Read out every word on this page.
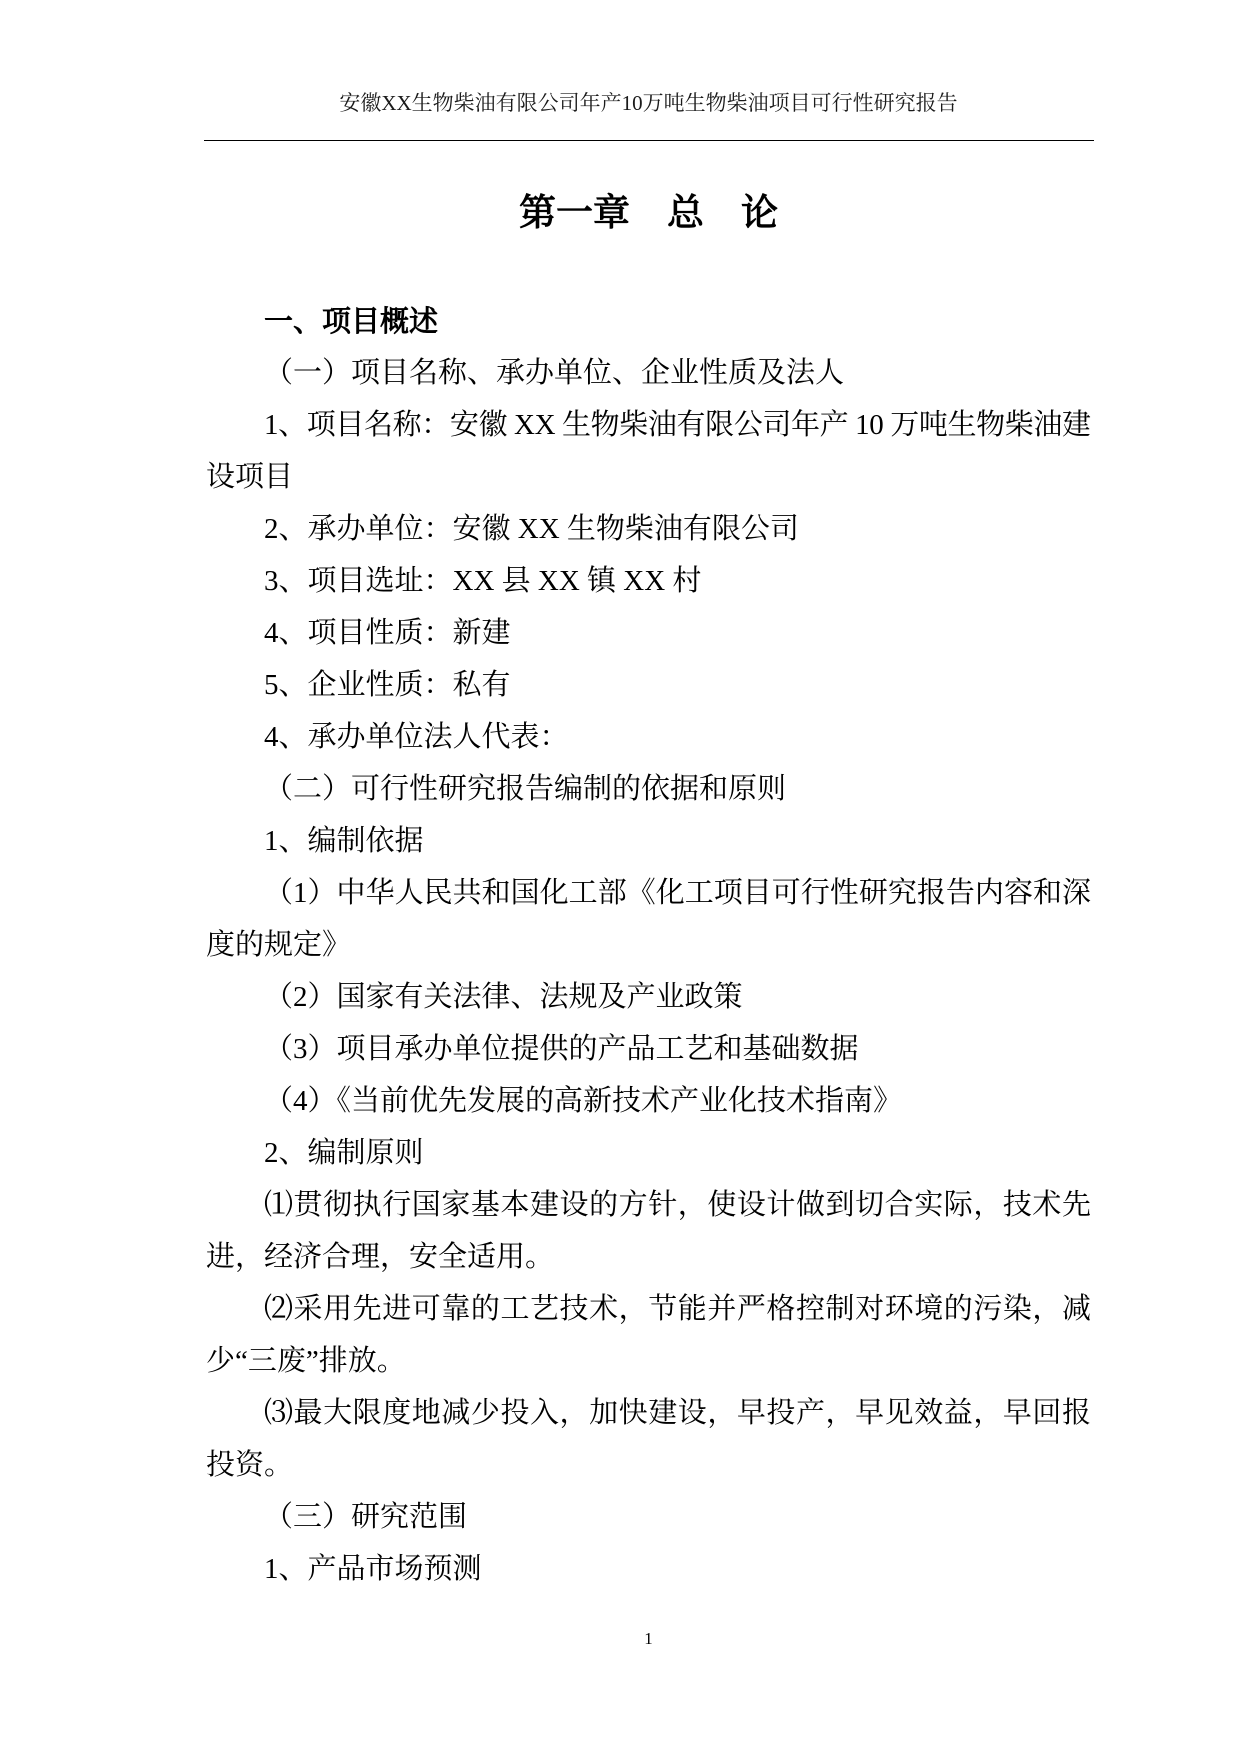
安徽XX生物柴油有限公司年产10万吨生物柴油项目可行性研究报告
第一章　总　论
一、项目概述
（一）项目名称、承办单位、企业性质及法人
1、项目名称：安徽 XX 生物柴油有限公司年产 10 万吨生物柴油建
设项目
2、承办单位：安徽 XX 生物柴油有限公司
3、项目选址：XX 县 XX 镇 XX 村
4、项目性质：新建
5、企业性质：私有
4、承办单位法人代表：
（二）可行性研究报告编制的依据和原则
1、编制依据
（1）中华人民共和国化工部《化工项目可行性研究报告内容和深
度的规定》
（2）国家有关法律、法规及产业政策
（3）项目承办单位提供的产品工艺和基础数据
（4）《当前优先发展的高新技术产业化技术指南》
2、编制原则
⑴贯彻执行国家基本建设的方针，使设计做到切合实际，技术先
进，经济合理，安全适用。
⑵采用先进可靠的工艺技术，节能并严格控制对环境的污染，减
少“三废”排放。
⑶最大限度地减少投入，加快建设，早投产，早见效益，早回报
投资。
（三）研究范围
1、产品市场预测
1
